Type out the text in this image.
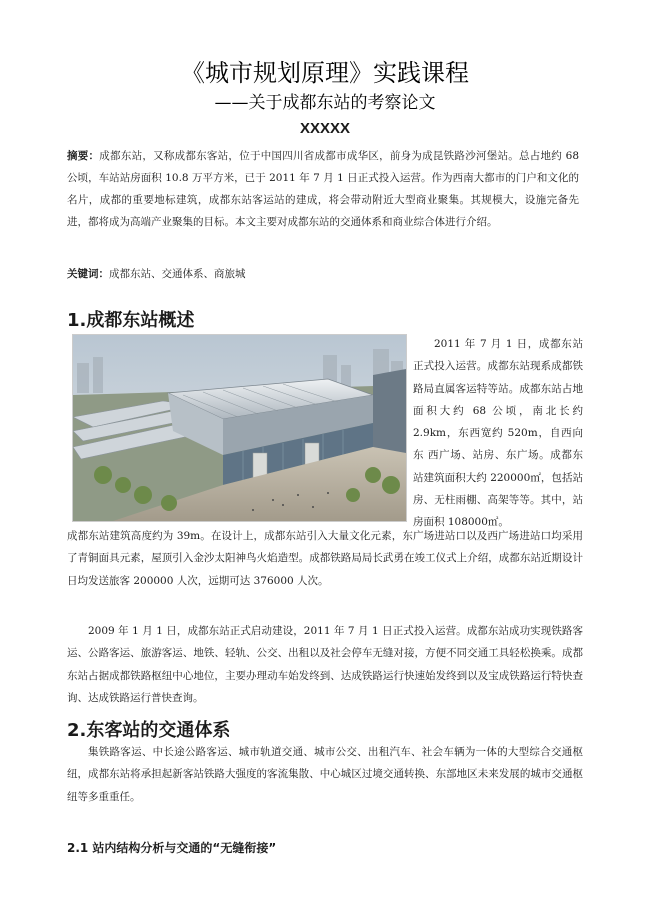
《城市规划原理》实践课程
——关于成都东站的考察论文
XXXXX
摘要：成都东站，又称成都东客站，位于中国四川省成都市成华区，前身为成昆铁路沙河堡站。总占地约 68 公顷，车站站房面积 10.8 万平方米，已于 2011 年 7 月 1 日正式投入运营。作为西南大都市的门户和文化的名片，成都的重要地标建筑，成都东站客运站的建成，将会带动附近大型商业聚集。其规模大，设施完备先进，都将成为高端产业聚集的目标。本文主要对成都东站的交通体系和商业综合体进行介绍。
关键词：成都东站、交通体系、商旅城
1.成都东站概述
2011 年 7 月 1 日，成都东站正式投入运营。成都东站现系成都铁路局直属客运特等站。成都东站占地面积大约 68 公顷，南北长约 2.9km，东西宽约 520m，自西向东 西广场、站房、东广场。成都东站建筑面积大约 220000㎡，包括站房、无柱雨棚、高架等等。其中，站房面积 108000㎡。
成都东站建筑高度约为 39m。在设计上，成都东站引入大量文化元素，东广场进站口以及西广场进站口均采用了青铜面具元素，屋顶引入金沙太阳神鸟火焰造型。成都铁路局局长武勇在竣工仪式上介绍，成都东站近期设计日均发送旅客 200000 人次，远期可达 376000 人次。
2009 年 1 月 1 日，成都东站正式启动建设，2011 年 7 月 1 日正式投入运营。成都东站成功实现铁路客运、公路客运、旅游客运、地铁、轻轨、公交、出租以及社会停车无缝对接，方便不同交通工具轻松换乘。成都东站占据成都铁路枢纽中心地位，主要办理动车始发终到、达成铁路运行快速始发终到以及宝成铁路运行特快查询、达成铁路运行普快查询。
2.东客站的交通体系
集铁路客运、中长途公路客运、城市轨道交通、城市公交、出租汽车、社会车辆为一体的大型综合交通枢纽，成都东站将承担起新客站铁路大强度的客流集散、中心城区过境交通转换、东部地区未来发展的城市交通枢纽等多重重任。
2.1 站内结构分析与交通的“无缝衔接”
